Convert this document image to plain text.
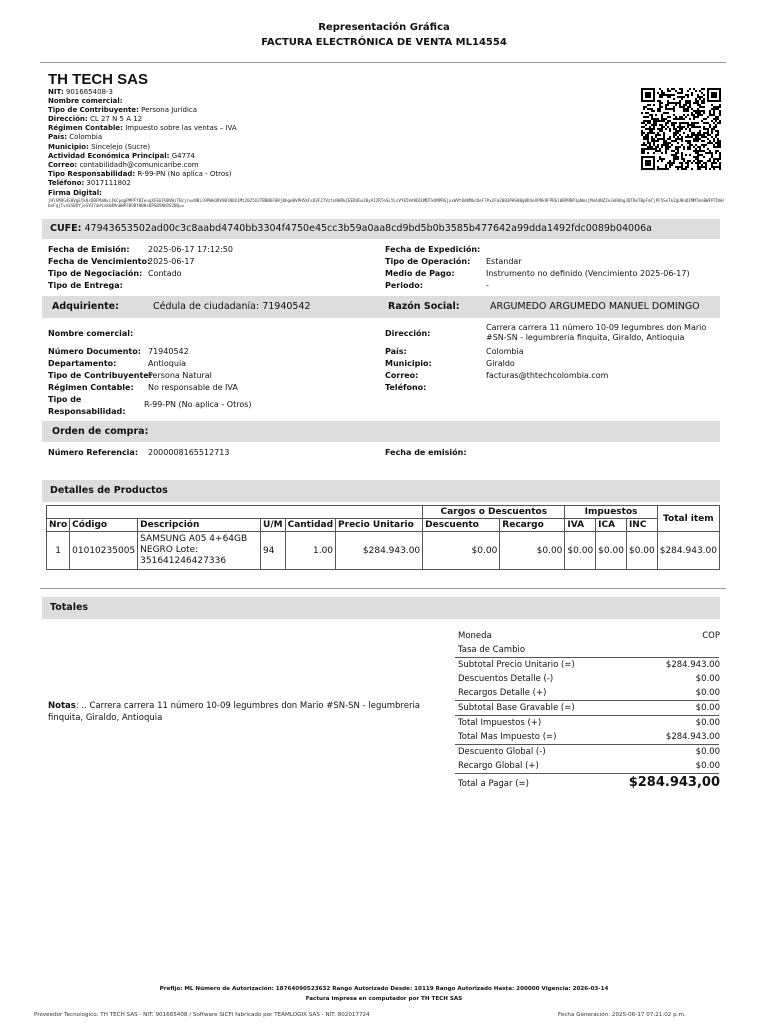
Representación Gráfica
FACTURA ELECTRÓNICA DE VENTA ML14554
TH TECH SAS
NIT: 901665408-3
Nombre comercial:
Tipo de Contribuyente: Persona Jurídica
Dirección: CL 27 N 5 A 12
Régimen Contable: Impuesto sobre las ventas – IVA
País: Colombia
Municipio: Sincelejo (Sucre)
Actividad Económica Principal: G4774
Correo: contabilidadh@comunicaribe.com
Tipo Responsabilidad: R-99-PN (No aplica - Otros)
Teléfono: 3017111802
Firma Digital:
jHlSMVG4S0VgEYk8sDBFMaNvcJKCpqgPMPFfBIeuqXFE6FUBVWiTBcjrwsNBii9PWkQRV9BlNUX1Mt2025X3TBBB6F0Rj0bgeBVPH5XFsD3F27VztvRHRkCEEDOGx2ByAI2RTeSLYLsVYE5Vd9DIUMDTkVMPRGjuxWVt0d0MbcDeF7Px2Fm2003PHS0Bg0D4eXPRk9FPRGl0BPRBP1pNmsjMnA4NZZe3oRAbgJDTKkTBpFmTjPF5SeTk2gUHnDIMMTmnBWFPTD6HbeFqjTvnSSBVYjeSV37aHtnX04Mn0WP7BOBfHBHsDPSB5NhDS2NQ==
CUFE: 47943653502ad00c3c8aabd4740bb3304f4750e45cc3b59a0aa8cd9bd5b0b3585b477642a99dda1492fdc0089b04006a
Fecha de Emisión: 2025-06-17 17:12:50
Fecha de Vencimiento:2025-06-17
Tipo de Negociación: Contado
Tipo de Entrega:
Fecha de Expedición:
Tipo de Operación: Estandar
Medio de Pago:	Instrumento no definido (Vencimiento 2025-06-17)
Periodo:	-
Adquiriente:	Cédula de ciudadanía: 71940542	Razón Social:	ARGUMEDO ARGUMEDO MANUEL DOMINGO
Nombre comercial:
Número Documento: 71940542
Departamento:	Antioquia
Tipo de Contribuyente:Persona Natural
Régimen Contable: No responsable de IVA
Tipo de Responsabilidad:R-99-PN (No aplica - Otros)
Dirección:
Carrera carrera 11 número 10-09 legumbres don Mario #SN-SN - legumbreria finquita, Giraldo, Antioquia
País:	Colombia
Municipio:	Giraldo
Correo:	facturas@thtechcolombia.com
Teléfono:
Orden de compra:
Número Referencia: 2000008165512713	Fecha de emisión:
Detalles de Productos
						Cargos o Descuentos		Impuestos			Total item
Nro	Código	Descripción	U/M	Cantidad	Precio Unitario	Descuento	Recargo	IVA	ICA	INC	
1	01010235005	SAMSUNG A05 4+64GB NEGRO Lote: 351641246427336	94	1.00	$284.943.00	$0.00	$0.00	$0.00	$0.00	$0.00	$284.943.00
Totales
Notas: .. Carrera carrera 11 número 10-09 legumbres don Mario #SN-SN - legumbreria finquita, Giraldo, Antioquia
Moneda	COP
Tasa de Cambio
Subtotal Precio Unitario (=)	$284.943.00
Descuentos Detalle (-)	$0.00
Recargos Detalle (+)	$0.00
Subtotal Base Gravable (=)	$0.00
Total Impuestos (+)	$0.00
Total Mas Impuesto (=)	$284.943.00
Descuento Global (-)	$0.00
Recargo Global (+)	$0.00
Total a Pagar (=)	$284.943,00
Prefijo: ML Número de Autorización: 18764090523632 Rango Autorizado Desde: 10119 Rango Autorizado Hasta: 200000 Vigencia: 2026-03-14
Factura impresa en computador por TH TECH SAS
Proveedor Tecnologico: TH TECH SAS - NIT: 901665408 / Software SICFI fabricado por TEAMLOGIX SAS - NIT: 802017724	Fecha Generación: 2025-06-17 07:21:02 p.m.
